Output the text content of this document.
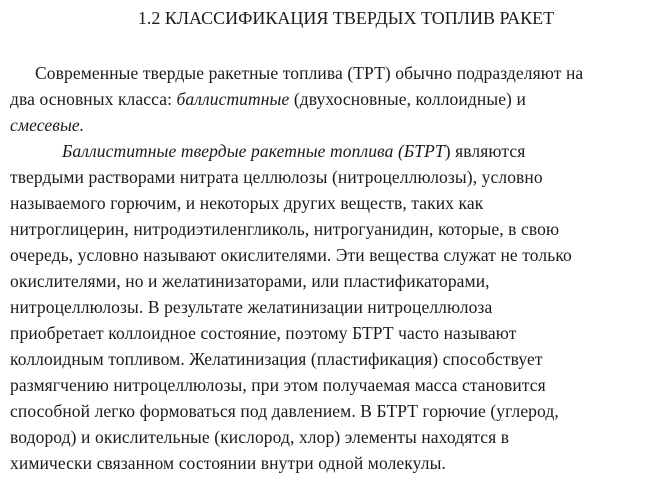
1.2 КЛАССИФИКАЦИЯ ТВЕРДЫХ ТОПЛИВ РАКЕТ
Современные твердые ракетные топлива (ТРТ) обычно подразделяют на
два основных класса: баллиститные (двухосновные, коллоидные) и
смесевые.
Баллиститные твердые ракетные топлива (БТРТ) являются
твердыми растворами нитрата целлюлозы (нитроцеллюлозы), условно
называемого горючим, и некоторых других веществ, таких как
нитроглицерин, нитродиэтиленгликоль, нитрогуанидин, которые, в свою
очередь, условно называют окислителями. Эти вещества служат не только
окислителями, но и желатинизаторами, или пластификаторами,
нитроцеллюлозы. В результате желатинизации нитроцеллюлоза
приобретает коллоидное состояние, поэтому БТРТ часто называют
коллоидным топливом. Желатинизация (пластификация) способствует
размягчению нитроцеллюлозы, при этом получаемая масса становится
способной легко формоваться под давлением. В БТРТ горючие (углерод,
водород) и окислительные (кислород, хлор) элементы находятся в
химически связанном состоянии внутри одной молекулы.
